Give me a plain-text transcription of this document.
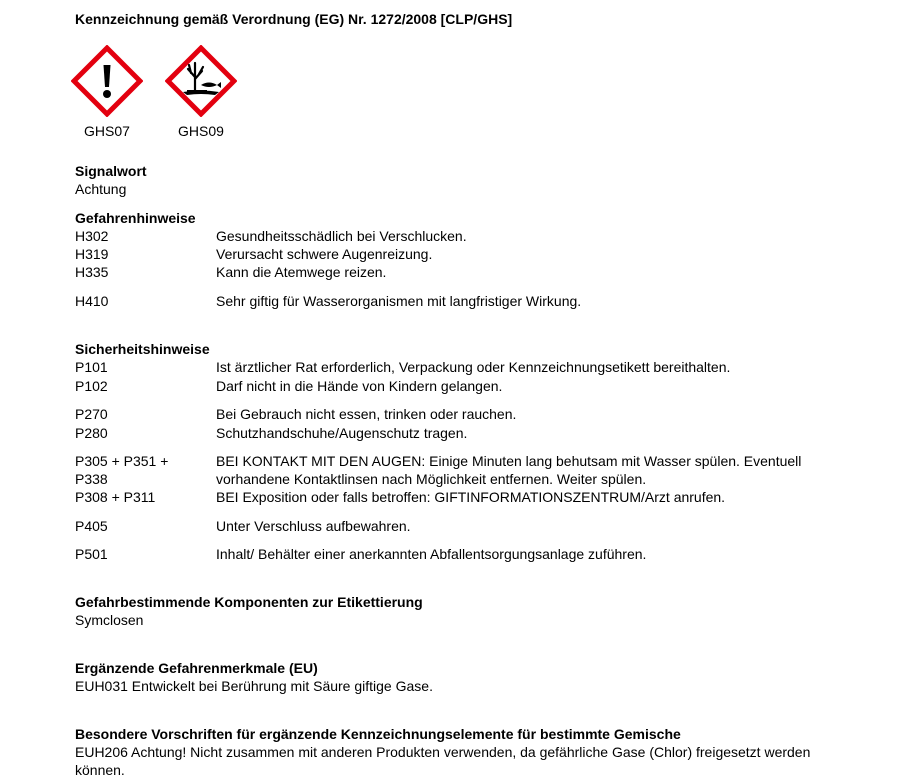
Kennzeichnung gemäß Verordnung (EG) Nr. 1272/2008 [CLP/GHS]
GHS07	GHS09
Signalwort
Achtung
Gefahrenhinweise
H302	Gesundheitsschädlich bei Verschlucken.
H319	Verursacht schwere Augenreizung.
H335	Kann die Atemwege reizen.
H410	Sehr giftig für Wasserorganismen mit langfristiger Wirkung.
Sicherheitshinweise
P101	Ist ärztlicher Rat erforderlich, Verpackung oder Kennzeichnungsetikett bereithalten.
P102	Darf nicht in die Hände von Kindern gelangen.
P270	Bei Gebrauch nicht essen, trinken oder rauchen.
P280	Schutzhandschuhe/Augenschutz tragen.
P305 + P351 +	BEI KONTAKT MIT DEN AUGEN: Einige Minuten lang behutsam mit Wasser spülen. Eventuell
P338	vorhandene Kontaktlinsen nach Möglichkeit entfernen. Weiter spülen.
P308 + P311	BEI Exposition oder falls betroffen: GIFTINFORMATIONSZENTRUM/Arzt anrufen.
P405	Unter Verschluss aufbewahren.
P501	Inhalt/ Behälter einer anerkannten Abfallentsorgungsanlage zuführen.
Gefahrbestimmende Komponenten zur Etikettierung
Symclosen
Ergänzende Gefahrenmerkmale (EU)
EUH031 Entwickelt bei Berührung mit Säure giftige Gase.
Besondere Vorschriften für ergänzende Kennzeichnungselemente für bestimmte Gemische
EUH206 Achtung! Nicht zusammen mit anderen Produkten verwenden, da gefährliche Gase (Chlor) freigesetzt werden
können.
